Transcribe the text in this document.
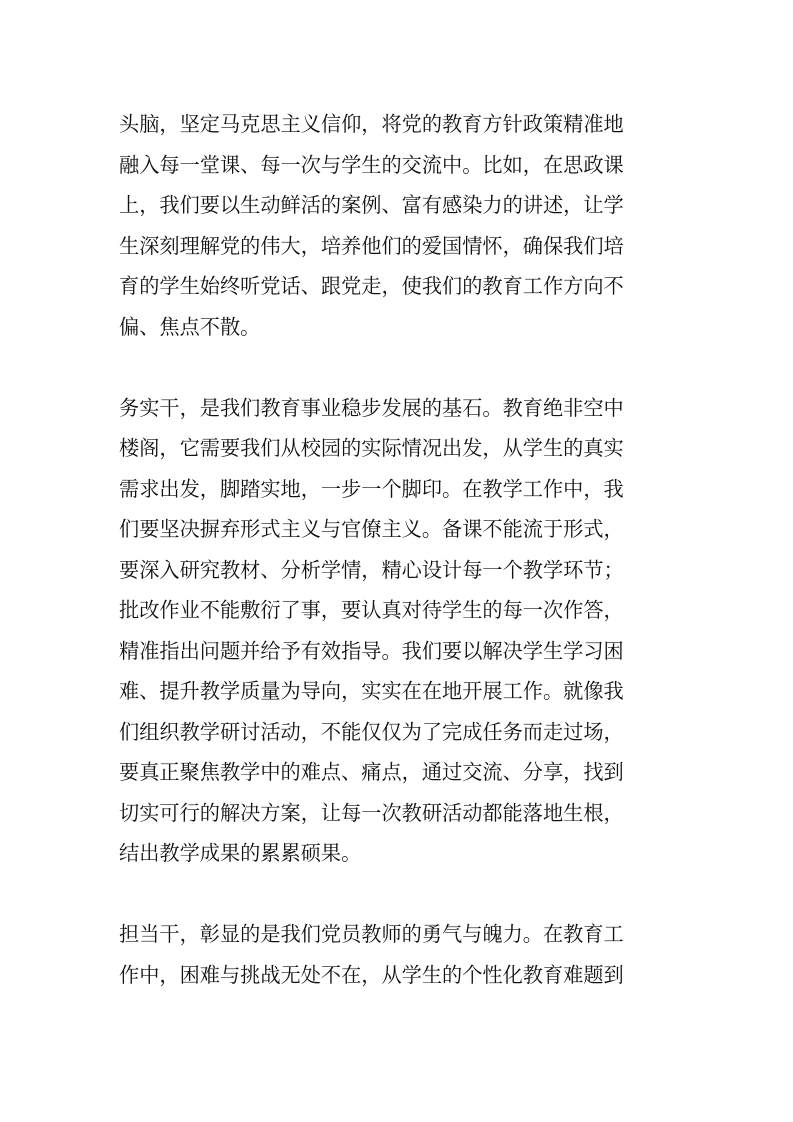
头脑，坚定马克思主义信仰，将党的教育方针政策精准地
融入每一堂课、每一次与学生的交流中。比如，在思政课
上，我们要以生动鲜活的案例、富有感染力的讲述，让学
生深刻理解党的伟大，培养他们的爱国情怀，确保我们培
育的学生始终听党话、跟党走，使我们的教育工作方向不
偏、焦点不散。

务实干，是我们教育事业稳步发展的基石。教育绝非空中
楼阁，它需要我们从校园的实际情况出发，从学生的真实
需求出发，脚踏实地，一步一个脚印。在教学工作中，我
们要坚决摒弃形式主义与官僚主义。备课不能流于形式，
要深入研究教材、分析学情，精心设计每一个教学环节；
批改作业不能敷衍了事，要认真对待学生的每一次作答，
精准指出问题并给予有效指导。我们要以解决学生学习困
难、提升教学质量为导向，实实在在地开展工作。就像我
们组织教学研讨活动，不能仅仅为了完成任务而走过场，
要真正聚焦教学中的难点、痛点，通过交流、分享，找到
切实可行的解决方案，让每一次教研活动都能落地生根，
结出教学成果的累累硕果。

担当干，彰显的是我们党员教师的勇气与魄力。在教育工
作中，困难与挑战无处不在，从学生的个性化教育难题到
